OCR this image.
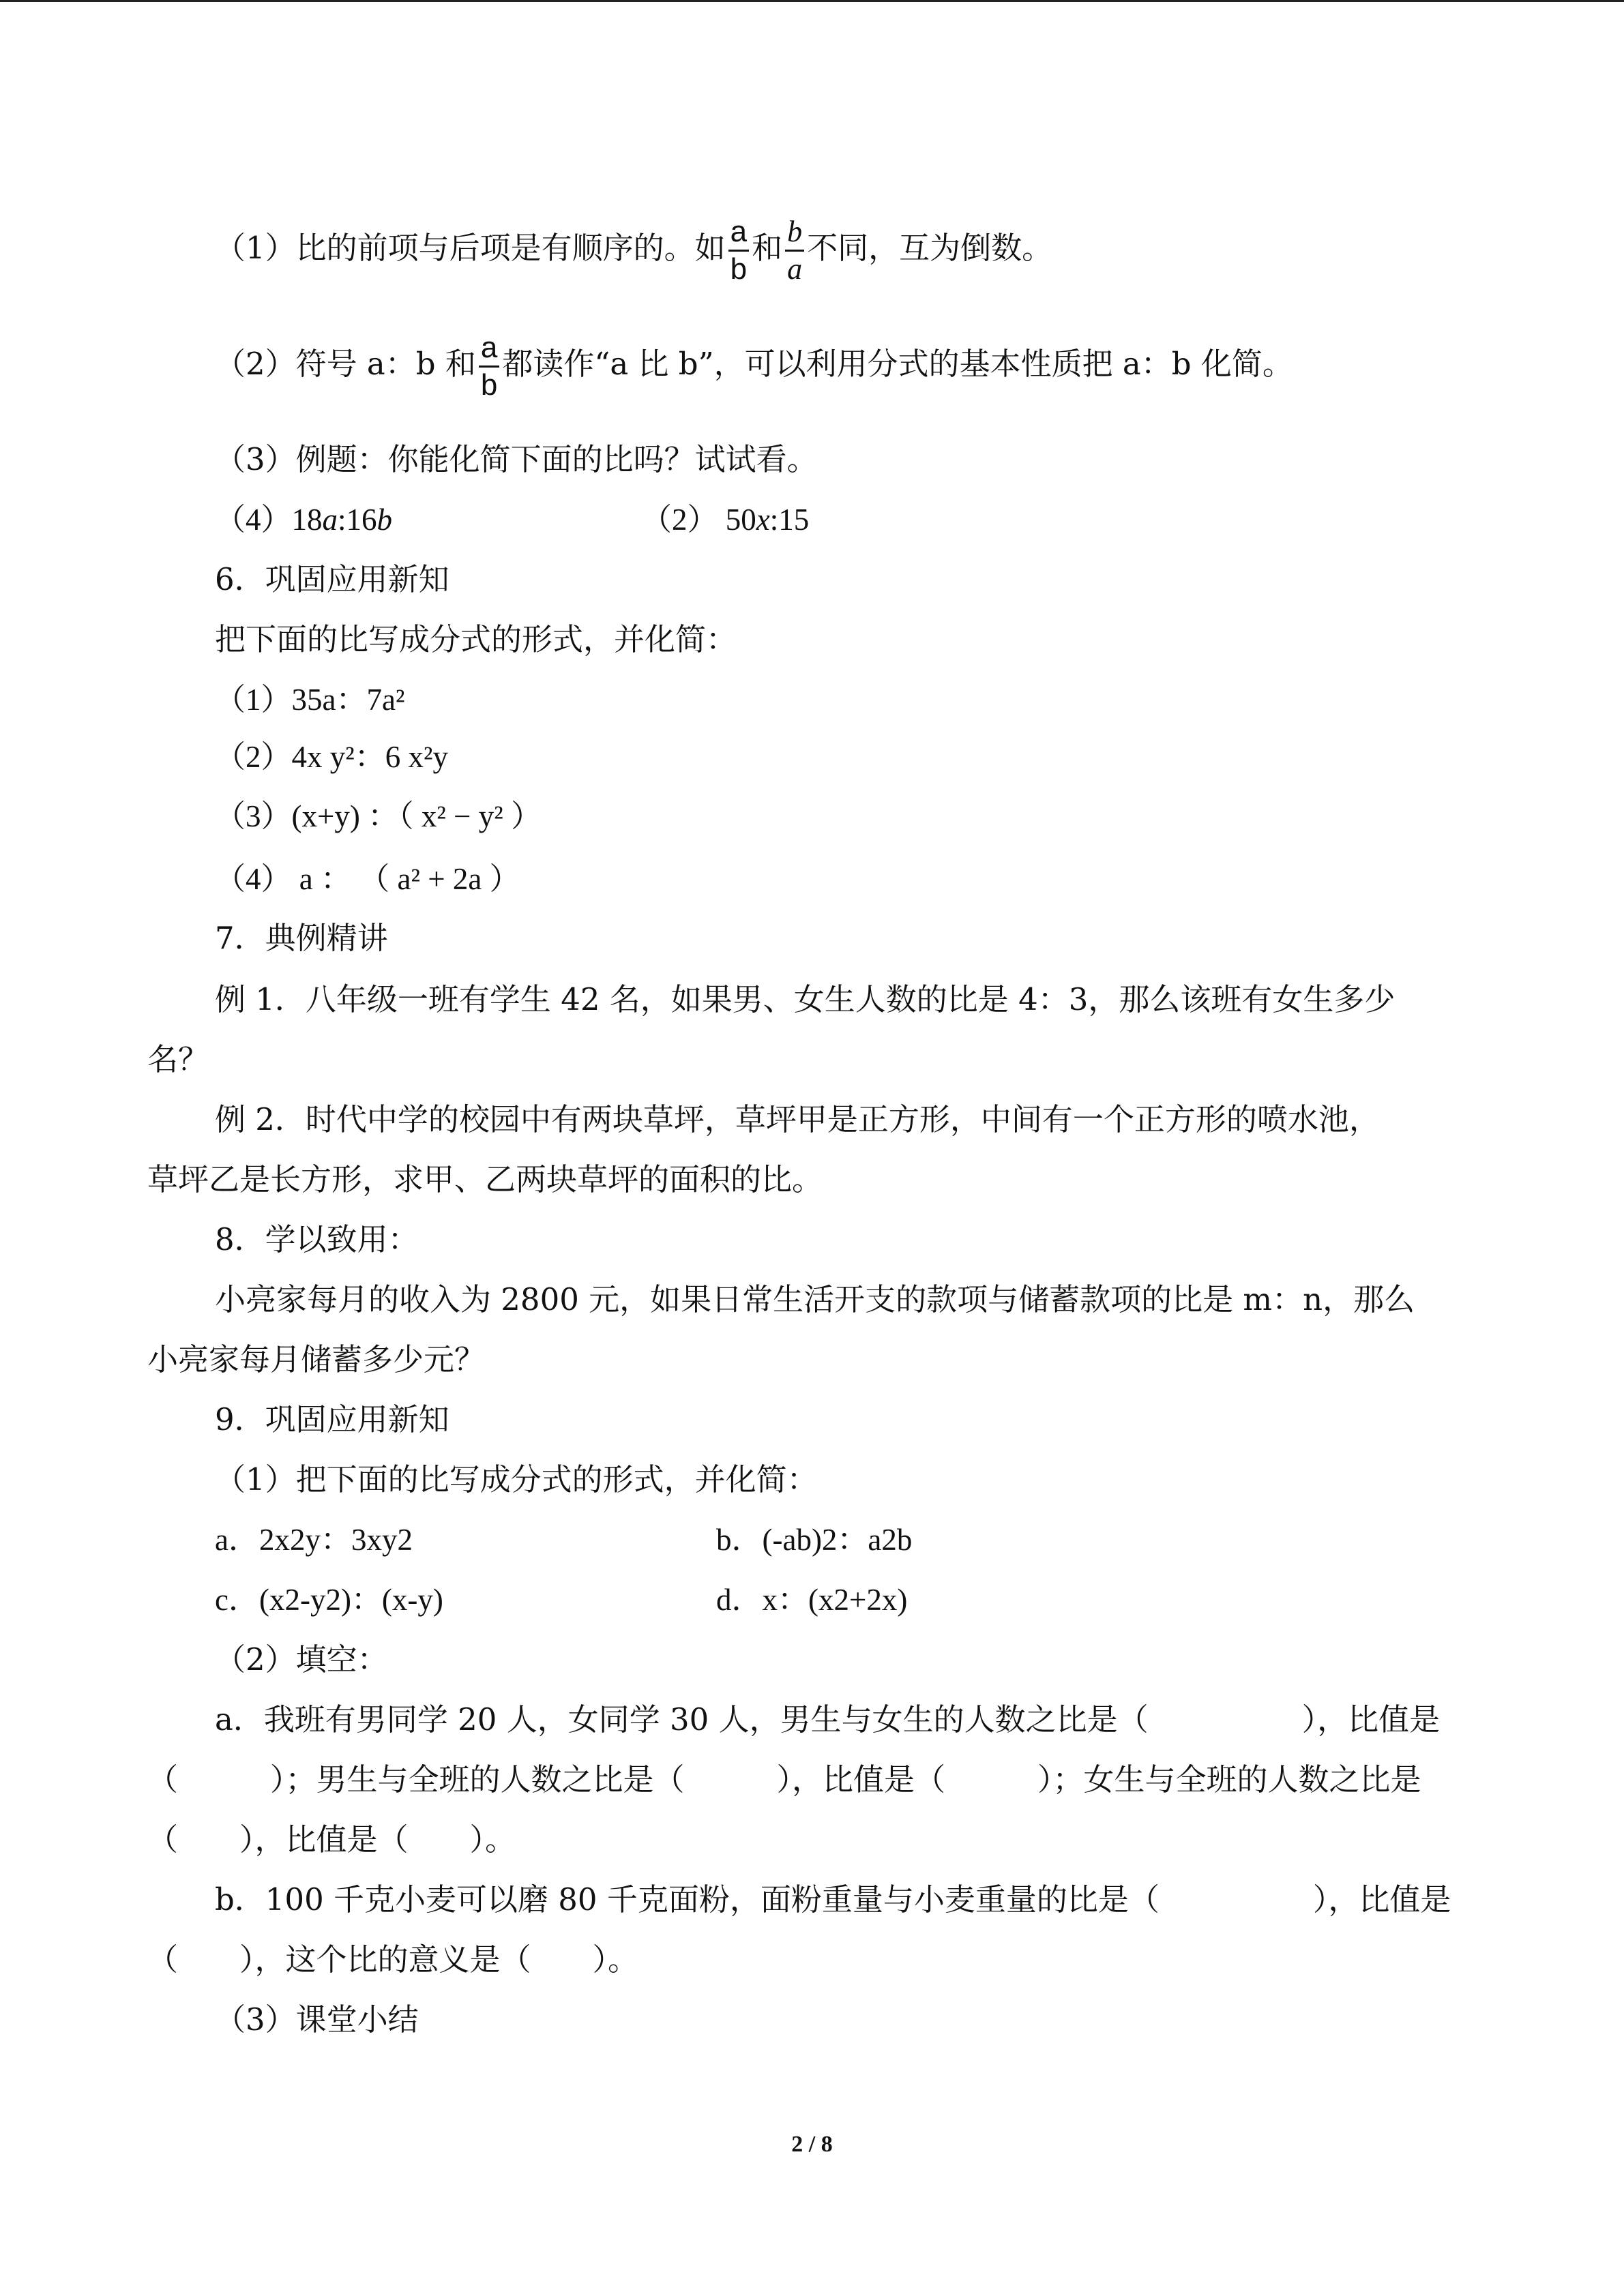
（1）比的前项与后项是有顺序的。如 $\frac{a}{b}$ 和 $\frac{b}{a}$ 不同，互为倒数。
（2）符号 a：b 和 $\frac{a}{b}$ 都读作“a 比 b”，可以利用分式的基本性质把 a：b 化简。
（3）例题：你能化简下面的比吗？试试看。
（4）18a:16b	（2） 50x:15
6．巩固应用新知
把下面的比写成分式的形式，并化简：
（1）35a：7a²
（2）4x y²：6 x²y
（3）(x+y) ：（ x² − y² ）
（4） a ： （ a² + 2a ）
7．典例精讲
例 1．八年级一班有学生 42 名，如果男、女生人数的比是 4：3，那么该班有女生多少
名？
例 2．时代中学的校园中有两块草坪，草坪甲是正方形，中间有一个正方形的喷水池，
草坪乙是长方形，求甲、乙两块草坪的面积的比。
8．学以致用：
小亮家每月的收入为 2800 元，如果日常生活开支的款项与储蓄款项的比是 m：n，那么
小亮家每月储蓄多少元？
9．巩固应用新知
（1）把下面的比写成分式的形式，并化简：
a．2x2y：3xy2	b．(-ab)2：a2b
c．(x2-y2)：(x-y)	d．x：(x2+2x)
（2）填空：
a．我班有男同学 20 人，女同学 30 人，男生与女生的人数之比是（　　　　　），比值是
（　　　）；男生与全班的人数之比是（　　　），比值是（　　　）；女生与全班的人数之比是
（　　），比值是（　　）。
b．100 千克小麦可以磨 80 千克面粉，面粉重量与小麦重量的比是（　　　　　），比值是
（　　），这个比的意义是（　　）。
（3）课堂小结
2 / 8
